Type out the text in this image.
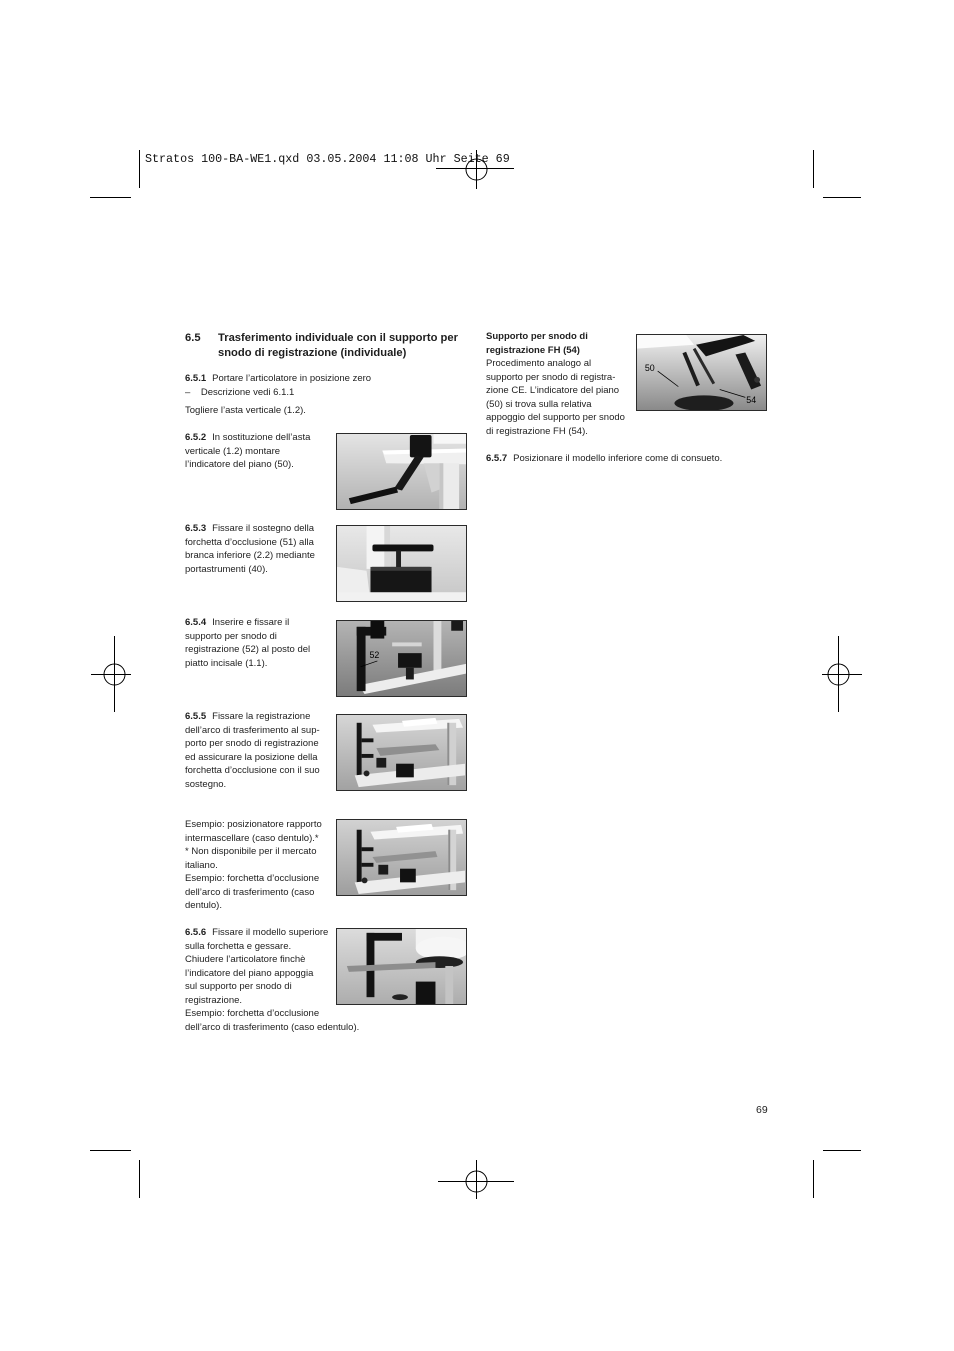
Stratos 100-BA-WE1.qxd 03.05.2004 11:08 Uhr Seite 69
6.5 Trasferimento individuale con il supporto per
snodo di registrazione (individuale)
6.5.1 Portare l’articolatore in posizione zero
–    Descrizione vedi 6.1.1
Togliere l’asta verticale (1.2).
6.5.2 In sostituzione dell’asta
verticale (1.2) montare
l’indicatore del piano (50).
6.5.3 Fissare il sostegno della
forchetta d’occlusione (51) alla
branca inferiore (2.2) mediante
portastrumenti (40).
6.5.4 Inserire e fissare il
supporto per snodo di
registrazione (52) al posto del
piatto incisale (1.1).
6.5.5 Fissare la registrazione
dell’arco di trasferimento al sup-
porto per snodo di registrazione
ed assicurare la posizione della
forchetta d’occlusione con il suo
sostegno.
Esempio: posizionatore rapporto
intermascellare (caso dentulo).*
* Non disponibile per il mercato
italiano.
Esempio: forchetta d’occlusione
dell’arco di trasferimento (caso
dentulo).
6.5.6 Fissare il modello superiore
sulla forchetta e gessare.
Chiudere l’articolatore finchè
l’indicatore del piano appoggia
sul supporto per snodo di
registrazione.
Esempio: forchetta d’occlusione
dell’arco di trasferimento (caso edentulo).
Supporto per snodo di
registrazione FH (54)
Procedimento analogo al
supporto per snodo di registra-
zione CE. L’indicatore del piano
(50) si trova sulla relativa
appoggio del supporto per snodo
di registrazione FH (54).
6.5.7 Posizionare il modello inferiore come di consueto.
52
50
54
69
